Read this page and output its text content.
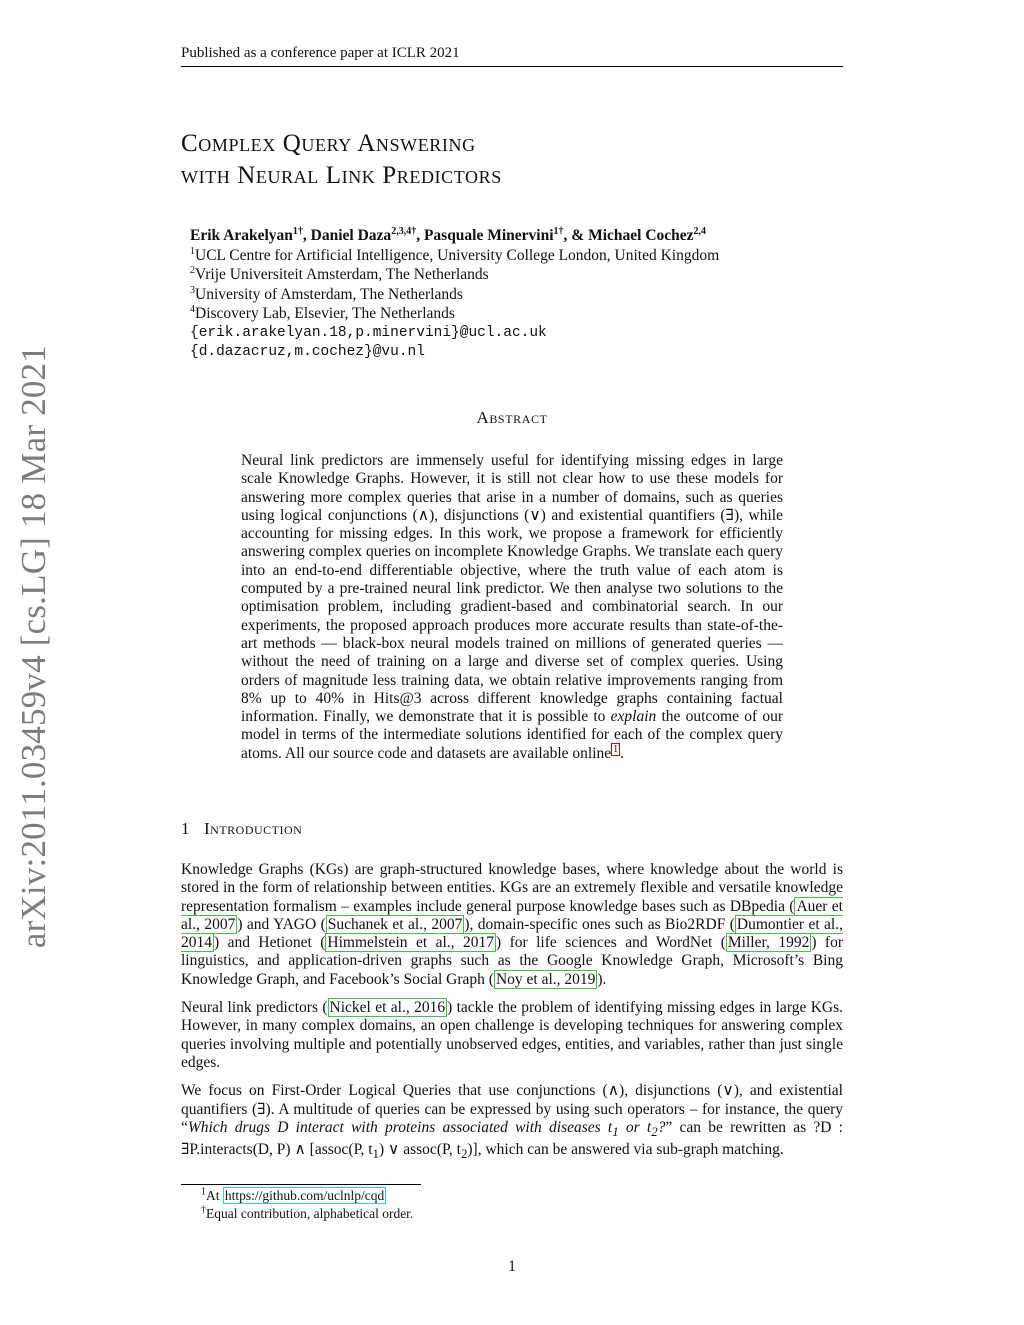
Published as a conference paper at ICLR 2021
arXiv:2011.03459v4 [cs.LG] 18 Mar 2021
Complex Query Answering
with Neural Link Predictors
Erik Arakelyan$^{1\dagger}$, Daniel Daza$^{2,3,4\dagger}$, Pasquale Minervini$^{1\dagger}$, & Michael Cochez$^{2,4}$
$^1$UCL Centre for Artificial Intelligence, University College London, United Kingdom
$^2$Vrije Universiteit Amsterdam, The Netherlands
$^3$University of Amsterdam, The Netherlands
$^4$Discovery Lab, Elsevier, The Netherlands
{erik.arakelyan.18,p.minervini}@ucl.ac.uk
{d.dazacruz,m.cochez}@vu.nl
Abstract
Neural link predictors are immensely useful for identifying missing edges in large scale Knowledge Graphs. However, it is still not clear how to use these models for answering more complex queries that arise in a number of domains, such as queries using logical conjunctions (∧), disjunctions (∨) and existential quantifiers (∃), while accounting for missing edges. In this work, we propose a framework for efficiently answering complex queries on incomplete Knowledge Graphs. We translate each query into an end-to-end differentiable objective, where the truth value of each atom is computed by a pre-trained neural link predictor. We then analyse two solutions to the optimisation problem, including gradient-based and combinatorial search. In our experiments, the proposed approach produces more accurate results than state-of-the-art methods — black-box neural models trained on millions of generated queries — without the need of training on a large and diverse set of complex queries. Using orders of magnitude less training data, we obtain relative improvements ranging from 8% up to 40% in Hits@3 across different knowledge graphs containing factual information. Finally, we demonstrate that it is possible to explain the outcome of our model in terms of the intermediate solutions identified for each of the complex query atoms. All our source code and datasets are available online $^1$ .
1 Introduction

Knowledge Graphs (KGs) are graph-structured knowledge bases, where knowledge about the world is stored in the form of relationship between entities. KGs are an extremely flexible and versatile knowledge representation formalism – examples include general purpose knowledge bases such as DBpedia ( Auer et al., 2007 ) and YAGO ( Suchanek et al., 2007 ), domain-specific ones such as Bio2RDF ( Dumontier et al., 2014 ) and Hetionet ( Himmelstein et al., 2017 ) for life sciences and WordNet ( Miller, 1992 ) for linguistics, and application-driven graphs such as the Google Knowledge Graph, Microsoft’s Bing Knowledge Graph, and Facebook’s Social Graph ( Noy et al., 2019 ).

Neural link predictors ( Nickel et al., 2016 ) tackle the problem of identifying missing edges in large KGs. However, in many complex domains, an open challenge is developing techniques for answering complex queries involving multiple and potentially unobserved edges, entities, and variables, rather than just single edges.

We focus on First-Order Logical Queries that use conjunctions (∧), disjunctions (∨), and existential quantifiers (∃). A multitude of queries can be expressed by using such operators – for instance, the query “Which drugs D interact with proteins associated with diseases $t_1$ or $t_2$?” can be rewritten as ?D : ∃P.interacts(D, P) ∧ [assoc(P, $t_1$) ∨ assoc(P, $t_2$)], which can be answered via sub-graph matching.

$^1$At https://github.com/uclnlp/cqd
†Equal contribution, alphabetical order.
1
